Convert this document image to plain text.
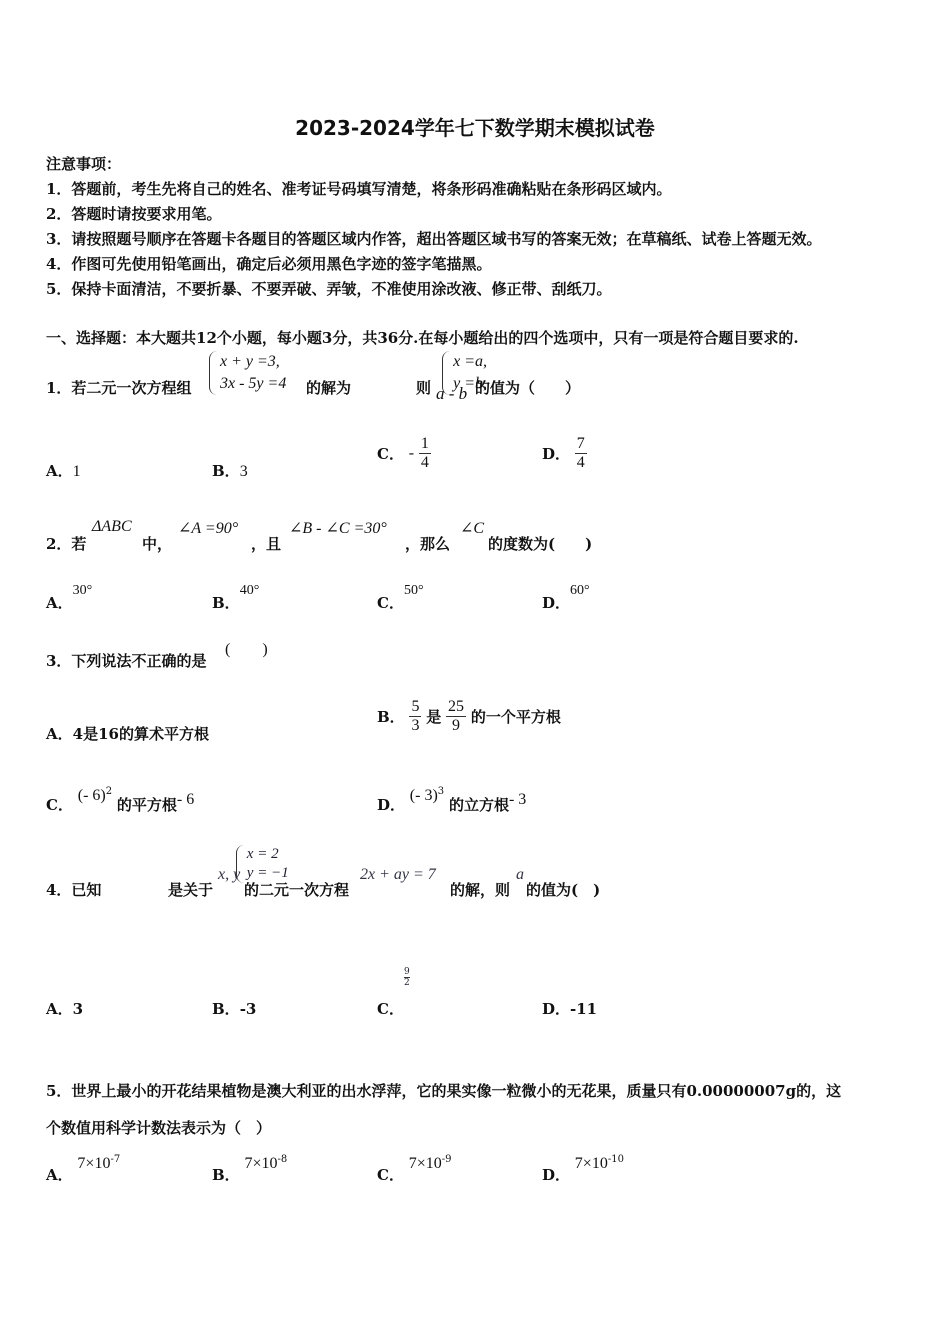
2023-2024学年七下数学期末模拟试卷
注意事项：
1．答题前，考生先将自己的姓名、准考证号码填写清楚，将条形码准确粘贴在条形码区域内。
2．答题时请按要求用笔。
3．请按照题号顺序在答题卡各题目的答题区域内作答，超出答题区域书写的答案无效；在草稿纸、试卷上答题无效。
4．作图可先使用铅笔画出，确定后必须用黑色字迹的签字笔描黑。
5．保持卡面清洁，不要折暴、不要弄破、弄皱，不准使用涂改液、修正带、刮纸刀。
一、选择题：本大题共12个小题，每小题3分，共36分.在每小题给出的四个选项中，只有一项是符合题目要求的.
1．若二元一次方程组
x + y =3,
3x - 5y =4
的解为
x =a,
y =b,

则 a - b 的值为（　　）
A．1	B．3
C． - $\frac{1}{4}$	D． $\frac{7}{4}$
2．若
ΔABC
中，
∠A =90°
，且
∠B - ∠C =30°
，那么
∠C
的度数为(　　)
A．30°
B．40°
C．50°
D．60°
3．下列说法不正确的是
(　　)
A．4是16的算术平方根
B． $\frac{5}{3}$ 是 $\frac{25}{9}$ 的一个平方根
C． (- 6)$^2$ 的平方根- 6	D． (- 3)$^3$ 的立方根- 3
4．已知
x = 2
y = −1
是关于
x, y
的二元一次方程
2x + ay = 7
的解，则
a
的值为(　)
A．3	B．-3	C．
$\frac{9}{2}$
D．-11
5．世界上最小的开花结果植物是澳大利亚的出水浮萍，它的果实像一粒微小的无花果，质量只有0.00000007g的，这
个数值用科学计数法表示为（　）
A． $7\times 10^{-7}$
B． $7\times 10^{-8}$
C． $7\times 10^{-9}$
D． $7\times 10^{-10}$
